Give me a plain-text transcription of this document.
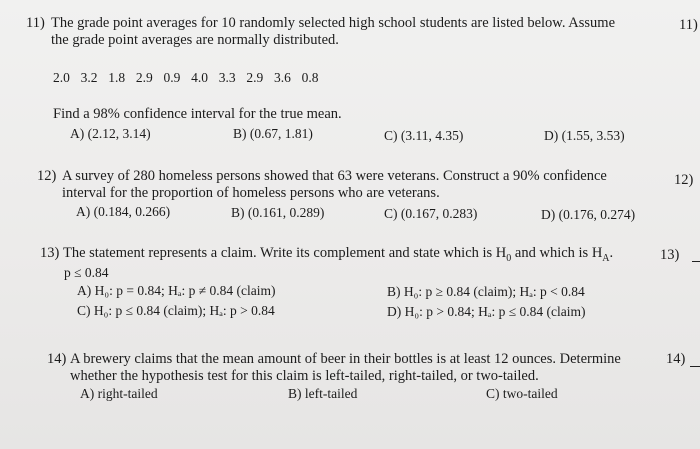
11) The grade point averages for 10 randomly selected high school students are listed below. Assume
the grade point averages are normally distributed.
11)
2.0  3.2  1.8  2.9  0.9  4.0  3.3  2.9  3.6  0.8
Find a 98% confidence interval for the true mean.
A) (2.12, 3.14)	B) (0.67, 1.81)	C) (3.11, 4.35)	D) (1.55, 3.53)
12) A survey of 280 homeless persons showed that 63 were veterans. Construct a 90% confidence
interval for the proportion of homeless persons who are veterans.
12)
A) (0.184, 0.266)	B) (0.161, 0.289)	C) (0.167, 0.283)	D) (0.176, 0.274)
13) The statement represents a claim. Write its complement and state which is $H_0$ and which is $H_A$.	13)
p ≤ 0.84
A) H₀: p = 0.84; Hₐ: p ≠ 0.84 (claim)	B) H₀: p ≥ 0.84 (claim); Hₐ: p < 0.84
C) H₀: p ≤ 0.84 (claim); Hₐ: p > 0.84	D) H₀: p > 0.84; Hₐ: p ≤ 0.84 (claim)
14) A brewery claims that the mean amount of beer in their bottles is at least 12 ounces. Determine
whether the hypothesis test for this claim is left-tailed, right-tailed, or two-tailed.
14)
A) right-tailed	B) left-tailed	C) two-tailed
